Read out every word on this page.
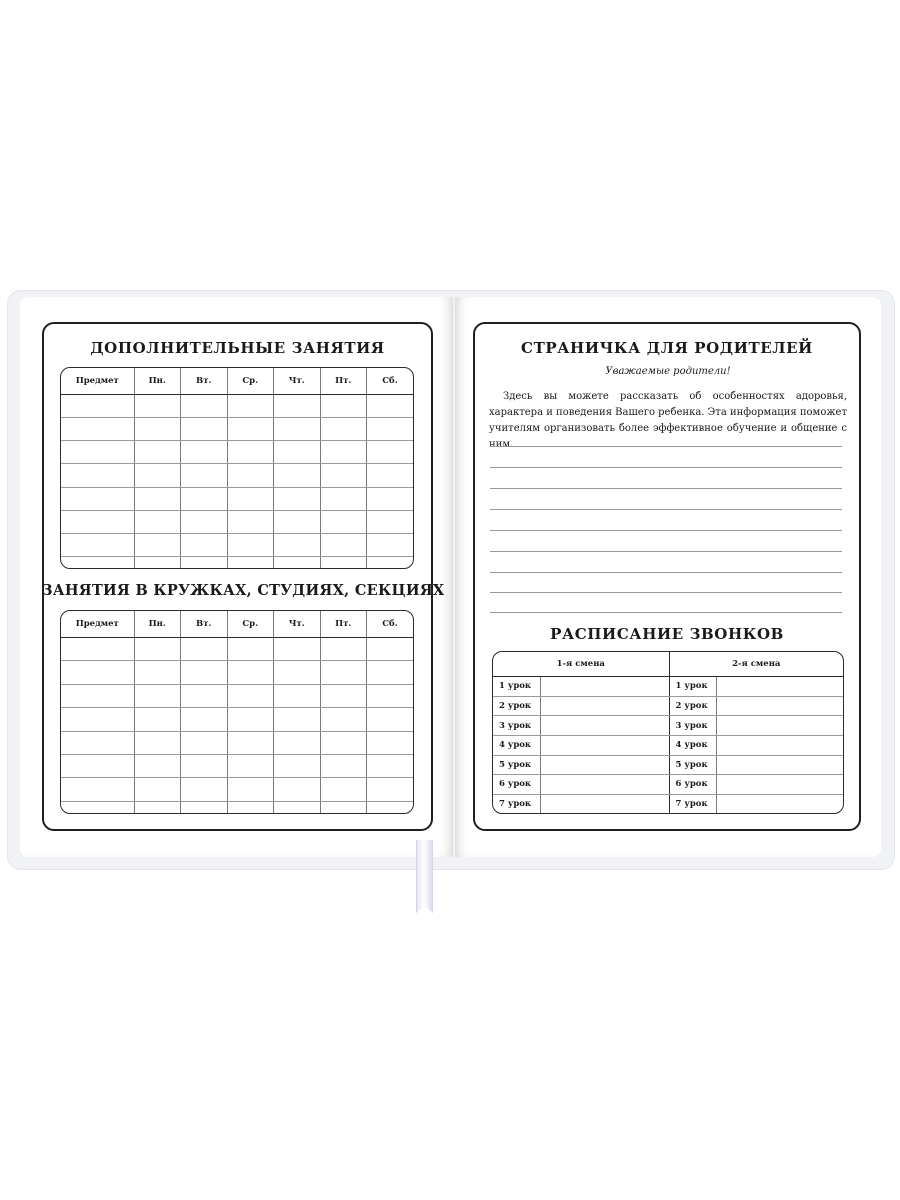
ДОПОЛНИТЕЛЬНЫЕ ЗАНЯТИЯ
Предмет	Пн.	Вт.	Ср.	Чт.	Пт.	Сб.

ЗАНЯТИЯ В КРУЖКАХ, СТУДИЯХ, СЕКЦИЯХ
Предмет	Пн.	Вт.	Ср.	Чт.	Пт.	Сб.

СТРАНИЧКА ДЛЯ РОДИТЕЛЕЙ
Уважаемые родители!
Здесь вы можете рассказать об особенностях адоровья, характера и поведения Вашего ребенка. Эта информация поможет учителям организовать более эффективное обучение и общение с ним.
РАСПИСАНИЕ ЗВОНКОВ
1-я смена		2-я смена	
1 урок		1 урок	
2 урок		2 урок	
3 урок		3 урок	
4 урок		4 урок	
5 урок		5 урок	
6 урок		6 урок	
7 урок		7 урок	
